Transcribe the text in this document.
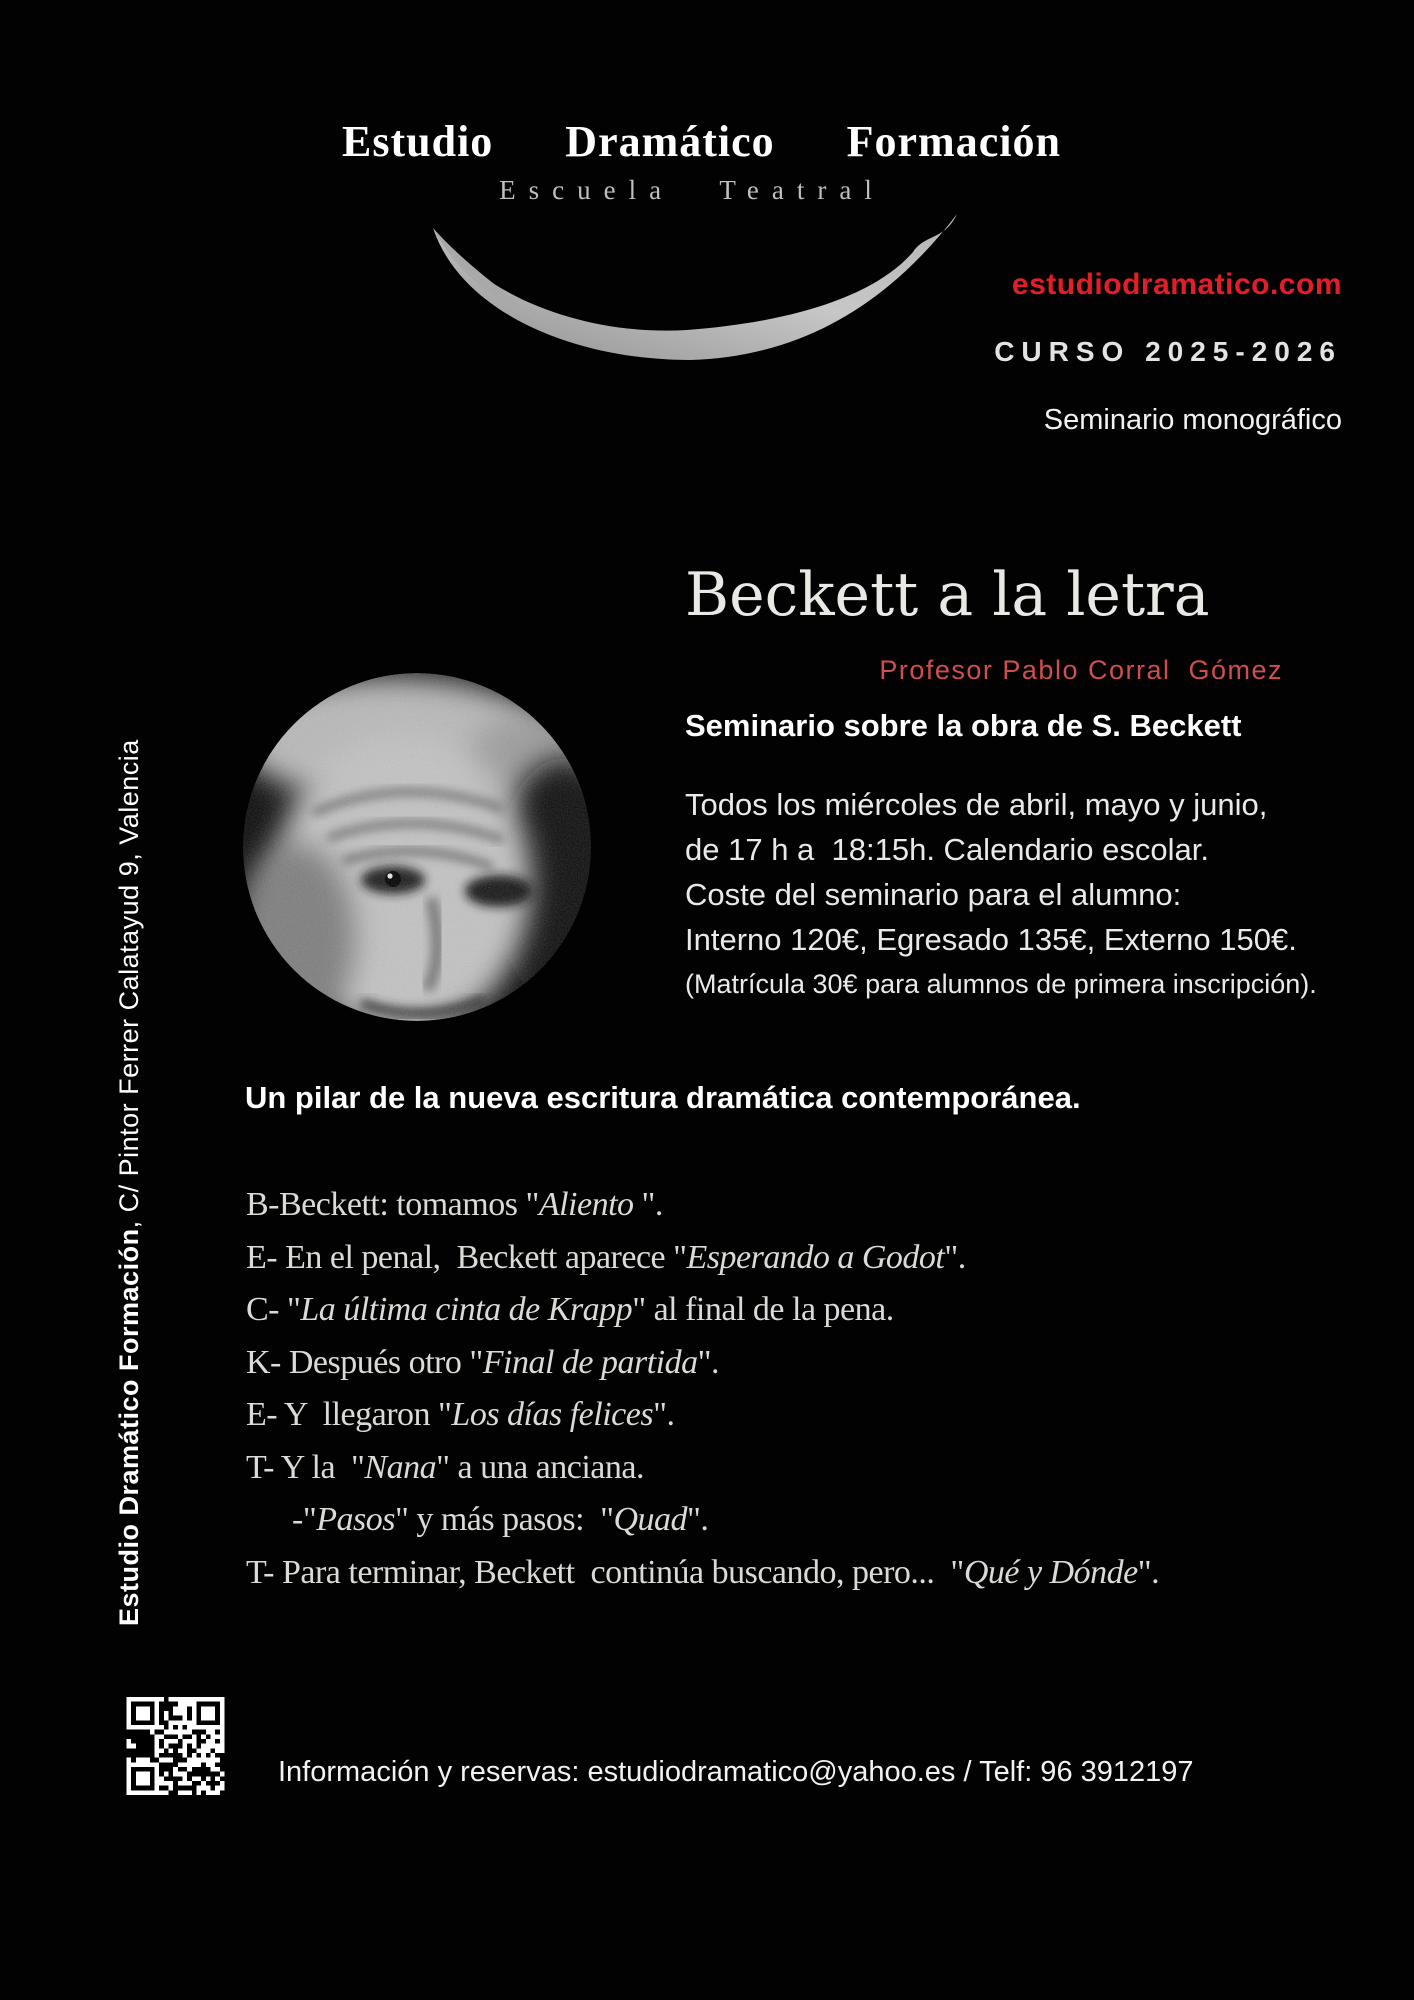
Estudio  Dramático  Formación
Escuela Teatral
estudiodramatico.com
CURSO 2025-2026
Seminario monográfico
Estudio Dramático Formación, C/ Pintor Ferrer Calatayud 9, Valencia
Beckett a la letra
Profesor Pablo Corral  Gómez
Seminario sobre la obra de S. Beckett
Todos los miércoles de abril, mayo y junio,
de 17 h a  18:15h. Calendario escolar.
Coste del seminario para el alumno:
Interno 120€, Egresado 135€, Externo 150€.
(Matrícula 30€ para alumnos de primera inscripción).
Un pilar de la nueva escritura dramática contemporánea.
B-Beckett: tomamos "Aliento ".
E- En el penal,  Beckett aparece "Esperando a Godot".
C- "La última cinta de Krapp" al final de la pena.
K- Después otro "Final de partida".
E- Y  llegaron "Los días felices".
T- Y la  "Nana" a una anciana.
-"Pasos" y más pasos:  "Quad".
T- Para terminar, Beckett  continúa buscando, pero...  "Qué y Dónde".
Información y reservas: estudiodramatico@yahoo.es / Telf: 96 3912197
